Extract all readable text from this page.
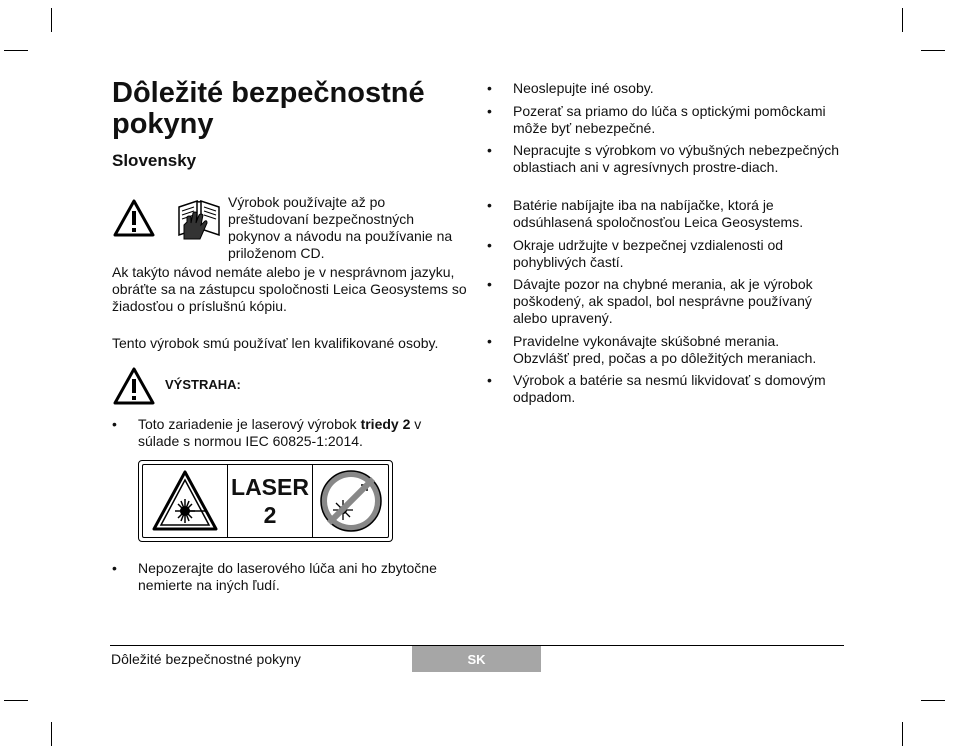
Dôležité bezpečnostné pokyny
Slovensky
Výrobok používajte až po preštudovaní bezpečnostných pokynov a návodu na používanie na priloženom CD.
Ak takýto návod nemáte alebo je v nesprávnom jazyku, obráťte sa na zástupcu spoločnosti Leica Geosystems so žiadosťou o príslušnú kópiu.
Tento výrobok smú používať len kvalifikované osoby.
VÝSTRAHA:
• Toto zariadenie je laserový výrobok triedy 2 v súlade s normou IEC 60825-1:2014.
LASER
2
• Nepozerajte do laserového lúča ani ho zbytočne nemierte na iných ľudí.
• Neoslepujte iné osoby.
• Pozerať sa priamo do lúča s optickými pomôckami môže byť nebezpečné.
• Nepracujte s výrobkom vo výbušných nebezpečných oblastiach ani v agresívnych prostre-diach.
• Batérie nabíjajte iba na nabíjačke, ktorá je odsúhlasená spoločnosťou Leica Geosystems.
• Okraje udržujte v bezpečnej vzdialenosti od pohyblivých častí.
• Dávajte pozor na chybné merania, ak je výrobok poškodený, ak spadol, bol nesprávne používaný alebo upravený.
• Pravidelne vykonávajte skúšobné merania. Obzvlášť pred, počas a po dôležitých meraniach.
• Výrobok a batérie sa nesmú likvidovať s domovým odpadom.
Dôležité bezpečnostné pokyny	SK
